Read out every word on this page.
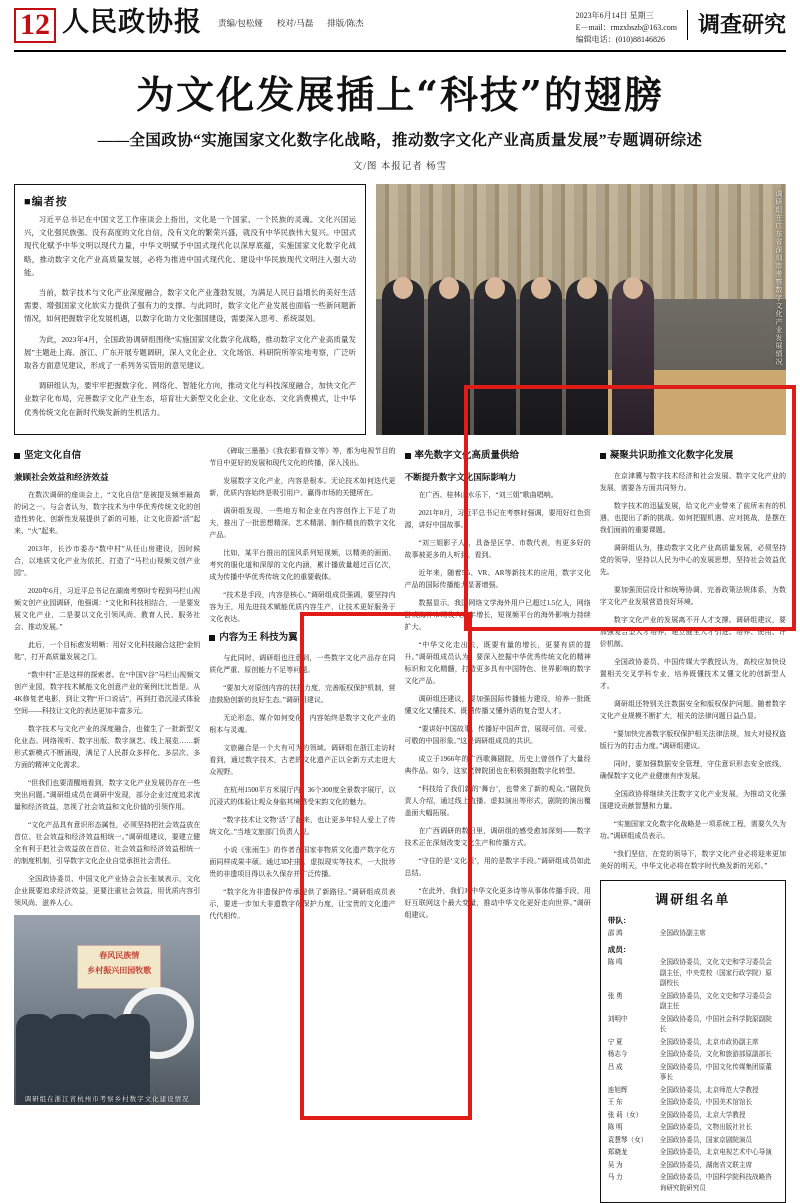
12 人民政协报 责编/包松娅 校对/马磊 排版/陈杰
2023年6月14日 星期三
E－mail：rmzxbszb@163.com
编辑电话：(010)88146826
调查研究
为文化发展插上“科技”的翅膀
——全国政协“实施国家文化数字化战略，推动数字文化产业高质量发展”专题调研综述
文/图 本报记者 杨雪
■编者按

习近平总书记在中国文艺工作座谈会上指出，文化是一个国家、一个民族的灵魂。文化兴国运兴，文化强民族强。没有高度的文化自信，没有文化的繁荣兴盛，就没有中华民族伟大复兴。中国式现代化赋予中华文明以现代力量，中华文明赋予中国式现代化以深厚底蕴，实施国家文化数字化战略，推动数字文化产业高质量发展，必将为推进中国式现代化、建设中华民族现代文明注入强大动能。

当前，数字技术与文化产业深度融合，数字文化产业蓬勃发展，为满足人民日益增长的美好生活需要、增强国家文化软实力提供了强有力的支撑。与此同时，数字文化产业发展也面临一些新问题新情况，如何把握数字化发展机遇，以数字化助力文化强国建设，需要深入思考、系统谋划。

为此，2023年4月，全国政协调研组围绕“实施国家文化数字化战略，推动数字文化产业高质量发展”主题赴上海、浙江、广东开展专题调研，深入文化企业、文化场馆、科研院所等实地考察，广泛听取各方面意见建议，形成了一系列务实管用的意见建议。

调研组认为，要牢牢把握数字化、网络化、智能化方向，推动文化与科技深度融合，加快文化产业数字化布局，完善数字文化产业生态，培育壮大新型文化企业、文化业态、文化消费模式，让中华优秀传统文化在新时代焕发新的生机活力。

调研组在广东省深圳市考察数字文化产业发展情况
坚定文化自信
兼顾社会效益和经济效益

在数次调研的座谈会上，“文化自信”是被提及频率最高的词之一。与会者认为，数字技术为中华优秀传统文化的创造性转化、创新性发展提供了新的可能，让文化资源“活”起来、“火”起来。

2013年，长沙市委办“数中村”从任山房建设，因时候合，以地质文化产业为依托，打造了“马栏山视频文创产业园”。

2020年6月，习近平总书记在湖南考察时专程到马栏山视频文创产业园调研，他强调：“文化和科技相结合，一是要发展文化产业，二是要以文化引领风尚、教育人民、服务社会、推动发展。”

此后，一个目标愈发明晰：用好文化科技融合这把“金钥匙”，打开高质量发展之门。

“数中村”正是这样的探索者。在“中国V谷”马栏山视频文创产业园，数字技术赋能文化创意产业的案例比比皆是。从4K修复老电影，到让文物“开口说话”，再到打造沉浸式体验空间——科技让文化的表达更加丰富多元。

数字技术与文化产业的深度融合，也催生了一批新型文化业态。网络视听、数字出版、数字演艺、线上展览……新形式新模式不断涌现，满足了人民群众多样化、多层次、多方面的精神文化需求。

“但我们也要清醒地看到，数字文化产业发展仍存在一些突出问题。”调研组成员在调研中发现，部分企业过度追求流量和经济效益，忽视了社会效益和文化价值的引领作用。

“文化产品具有意识形态属性，必须坚持把社会效益放在首位、社会效益和经济效益相统一。”调研组建议，要建立健全有利于把社会效益放在首位、社会效益和经济效益相统一的制度机制，引导数字文化企业自觉承担社会责任。

全国政协委员、中国文化产业协会会长张斌表示，文化企业既要追求经济效益，更要注重社会效益，用优质内容引领风尚、滋养人心。

春风民族情
乡村振兴田园牧歌
调研组在浙江省杭州市考察乡村数字文化建设情况

《碑取三墨墨》《我农影看修文等》等，都为电视节目的节目中更好的发展和现代文化的传播，深入浅出。

发展数字文化产业，内容是根本。无论技术如何迭代更新，优质内容始终是吸引用户、赢得市场的关键所在。

调研组发现，一些地方和企业在内容创作上下足了功夫，推出了一批思想精深、艺术精湛、制作精良的数字文化产品。

比如，某平台推出的国风系列短视频，以精美的画面、考究的服化道和深厚的文化内涵，累计播放量超过百亿次，成为传播中华优秀传统文化的重要载体。

“技术是手段，内容是核心。”调研组成员强调，要坚持内容为王，用先进技术赋能优质内容生产，让技术更好服务于文化表达。

内容为王 科技为翼

与此同时，调研组也注意到，一些数字文化产品存在同质化严重、原创能力不足等问题。

“要加大对原创内容的扶持力度，完善版权保护机制，营造鼓励创新的良好生态。”调研组建议。

无论形态、媒介如何变化，内容始终是数字文化产业的根本与灵魂。

文旅融合是一个大有可为的领域。调研组在浙江走访时看到，通过数字技术，古老的文化遗产正以全新方式走进大众视野。

在杭州1500平方米展厅内，36个300度全景数字展厅，以沉浸式的体验让观众身临其境感受宋韵文化的魅力。

“数字技术让文物‘活’了起来，也让更多年轻人爱上了传统文化。”当地文旅部门负责人说。

小说《张雨生》的作者在国家非物质文化遗产数字化方面同样成果丰硕。通过3D扫描、虚拟现实等技术，一大批珍贵的非遗项目得以永久保存并广泛传播。

“数字化为非遗保护传承提供了新路径。”调研组成员表示，要进一步加大非遗数字化保护力度，让宝贵的文化遗产代代相传。

率先数字文化高质量供给
不断提升数字文化国际影响力

在广西、桂林山水乐下，“刘三姐”歌曲唱响。

2021年8月，习近平总书记在考察时强调，要用好红色资源，讲好中国故事。

“刘三姐影子人”，具备是区学、市数代表，有更多好的故事被更多的人听到、看到。

近年来，随着5G、VR、AR等新技术的应用，数字文化产品的国际传播能力显著增强。

数据显示，我国网络文学海外用户已超过1.5亿人，网络游戏海外市场收入连年增长，短视频平台的海外影响力持续扩大。

“中华文化走出去，既要有量的增长，更要有质的提升。”调研组成员认为，要深入挖掘中华优秀传统文化的精神标识和文化精髓，打造更多具有中国特色、世界影响的数字文化产品。

调研组还建议，要加强国际传播能力建设，培养一批既懂文化又懂技术、既懂传播又懂外语的复合型人才。

“要讲好中国故事，传播好中国声音，展现可信、可爱、可敬的中国形象。”这是调研组成员的共识。

成立于1966年的广西歌舞剧院，历史上曾创作了大量经典作品。如今，这家老牌院团也在积极拥抱数字化转型。

“科技给了我们新的‘舞台’，也带来了新的观众。”剧院负责人介绍，通过线上直播、虚拟演出等形式，剧院的演出覆盖面大幅拓展。

在广西调研的数日里，调研组的感受愈加深刻——数字技术正在深刻改变文化生产和传播方式。

“守住的是‘文化根’，用的是数字手段。”调研组成员如此总结。

“在此外，我们对中华文化更多诗等从事体传播手段，用好互联网这个最大变量，推动中华文化更好走向世界。”调研组建议。

凝聚共识助推文化数字化发展

在京津冀与数字技术经济和社会发展、数字文化产业的发展，需要各方面共同努力。

数字技术的迅猛发展，给文化产业带来了前所未有的机遇，也提出了新的挑战。如何把握机遇、应对挑战，是摆在我们面前的重要课题。

调研组认为，推动数字文化产业高质量发展，必须坚持党的领导，坚持以人民为中心的发展思想，坚持社会效益优先。

要加强顶层设计和统筹协调，完善政策法规体系，为数字文化产业发展营造良好环境。

数字文化产业的发展离不开人才支撑。调研组建议，要加强复合型人才培养，建立健全人才引进、培养、使用、评价机制。

全国政协委员、中国传媒大学教授认为，高校应加快设置相关交叉学科专业，培养既懂技术又懂文化的创新型人才。

调研组还特别关注数据安全和版权保护问题。随着数字文化产业规模不断扩大，相关的法律问题日益凸显。

“要加快完善数字版权保护相关法律法规，加大对侵权盗版行为的打击力度。”调研组建议。

同时，要加强数据安全管理，守住意识形态安全底线，确保数字文化产业健康有序发展。

全国政协将继续关注数字文化产业发展，为推动文化强国建设贡献智慧和力量。

“实施国家文化数字化战略是一项系统工程，需要久久为功。”调研组成员表示。

“我们坚信，在党的领导下，数字文化产业必将迎来更加美好的明天，中华文化必将在数字时代焕发新的光彩。”

调研组名单
带队：
邵 鸿	全国政协副主席
成员：
陈 鸣	全国政协委员，文化文史和学习委员会副主任，中央党校（国家行政学院）原副校长
张 勇	全国政协委员，文化文史和学习委员会副主任
刘明中	全国政协委员，中国社会科学院原副院长
宁 夏	全国政协委员，北京市政协副主席
杨志今	全国政协委员，文化和旅游部原副部长
吕 成	全国政协委员，中国文化传媒集团原董事长
连旭辉	全国政协委员，北京师范大学教授
王 东	全国政协委员，中国美术馆馆长
张 莉（女）	全国政协委员，北京大学教授
陈 明	全国政协委员，文物出版社社长
袁慧琴（女）	全国政协委员，国家京剧院演员
郑晓龙	全国政协委员，北京电视艺术中心导演
吴 为	全国政协委员，湖南省文联主席
马 力	全国政协委员，中国科学院科技战略咨询研究院研究员
